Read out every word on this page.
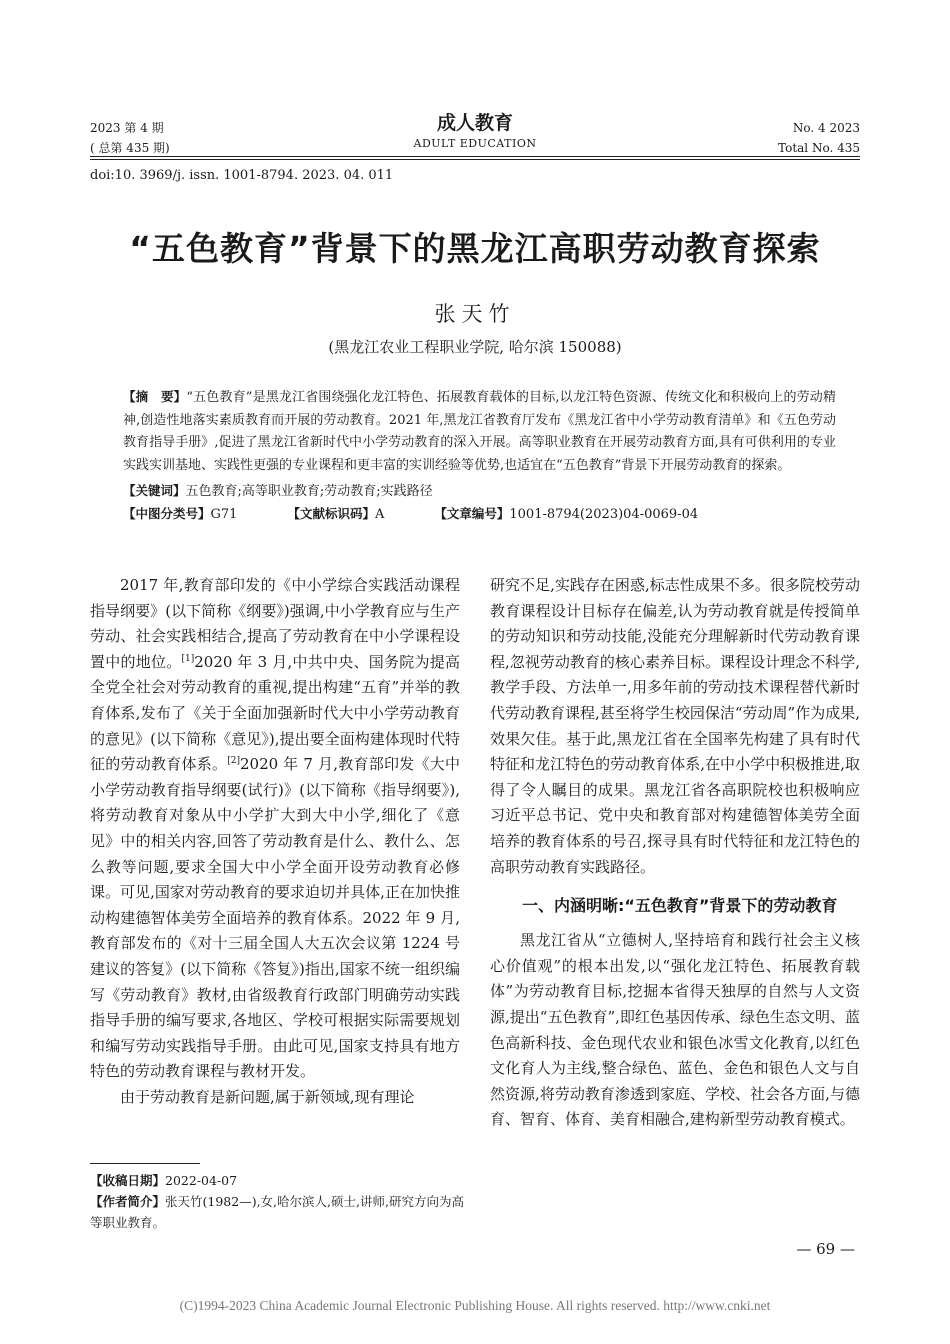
2023 第 4 期
( 总第 435 期)
成人教育
ADULT EDUCATION
No. 4 2023
Total No. 435
doi:10. 3969/j. issn. 1001-8794. 2023. 04. 011
“五色教育”背景下的黑龙江高职劳动教育探索
张天竹
(黑龙江农业工程职业学院, 哈尔滨 150088)
【摘　要】“五色教育”是黑龙江省围绕强化龙江特色、拓展教育载体的目标,以龙江特色资源、传统文化和积极向上的劳动精神,创造性地落实素质教育而开展的劳动教育。2021 年,黑龙江省教育厅发布《黑龙江省中小学劳动教育清单》和《五色劳动教育指导手册》,促进了黑龙江省新时代中小学劳动教育的深入开展。高等职业教育在开展劳动教育方面,具有可供利用的专业实践实训基地、实践性更强的专业课程和更丰富的实训经验等优势,也适宜在“五色教育”背景下开展劳动教育的探索。
【关键词】五色教育;高等职业教育;劳动教育;实践路径
【中图分类号】G71	【文献标识码】A	【文章编号】1001-8794(2023)04-0069-04

2017 年,教育部印发的《中小学综合实践活动课程指导纲要》(以下简称《纲要》)强调,中小学教育应与生产劳动、社会实践相结合,提高了劳动教育在中小学课程设置中的地位。[1]2020 年 3 月,中共中央、国务院为提高全党全社会对劳动教育的重视,提出构建“五育”并举的教育体系,发布了《关于全面加强新时代大中小学劳动教育的意见》(以下简称《意见》),提出要全面构建体现时代特征的劳动教育体系。[2]2020 年 7 月,教育部印发《大中小学劳动教育指导纲要(试行)》(以下简称《指导纲要》),将劳动教育对象从中小学扩大到大中小学,细化了《意见》中的相关内容,回答了劳动教育是什么、教什么、怎么教等问题,要求全国大中小学全面开设劳动教育必修课。可见,国家对劳动教育的要求迫切并具体,正在加快推动构建德智体美劳全面培养的教育体系。2022 年 9 月,教育部发布的《对十三届全国人大五次会议第 1224 号建议的答复》(以下简称《答复》)指出,国家不统一组织编写《劳动教育》教材,由省级教育行政部门明确劳动实践指导手册的编写要求,各地区、学校可根据实际需要规划和编写劳动实践指导手册。由此可见,国家支持具有地方特色的劳动教育课程与教材开发。

由于劳动教育是新问题,属于新领域,现有理论

研究不足,实践存在困惑,标志性成果不多。很多院校劳动教育课程设计目标存在偏差,认为劳动教育就是传授简单的劳动知识和劳动技能,没能充分理解新时代劳动教育课程,忽视劳动教育的核心素养目标。课程设计理念不科学,教学手段、方法单一,用多年前的劳动技术课程替代新时代劳动教育课程,甚至将学生校园保洁“劳动周”作为成果,效果欠佳。基于此,黑龙江省在全国率先构建了具有时代特征和龙江特色的劳动教育体系,在中小学中积极推进,取得了令人瞩目的成果。黑龙江省各高职院校也积极响应习近平总书记、党中央和教育部对构建德智体美劳全面培养的教育体系的号召,探寻具有时代特征和龙江特色的高职劳动教育实践路径。

一、内涵明晰:“五色教育”背景下的劳动教育

黑龙江省从“立德树人,坚持培育和践行社会主义核心价值观”的根本出发,以“强化龙江特色、拓展教育载体”为劳动教育目标,挖掘本省得天独厚的自然与人文资源,提出“五色教育”,即红色基因传承、绿色生态文明、蓝色高新科技、金色现代农业和银色冰雪文化教育,以红色文化育人为主线,整合绿色、蓝色、金色和银色人文与自然资源,将劳动教育渗透到家庭、学校、社会各方面,与德育、智育、体育、美育相融合,建构新型劳动教育模式。

【收稿日期】2022-04-07
【作者简介】张天竹(1982—),女,哈尔滨人,硕士,讲师,研究方向为高等职业教育。
— 69 —
(C)1994-2023 China Academic Journal Electronic Publishing House. All rights reserved. http://www.cnki.net
